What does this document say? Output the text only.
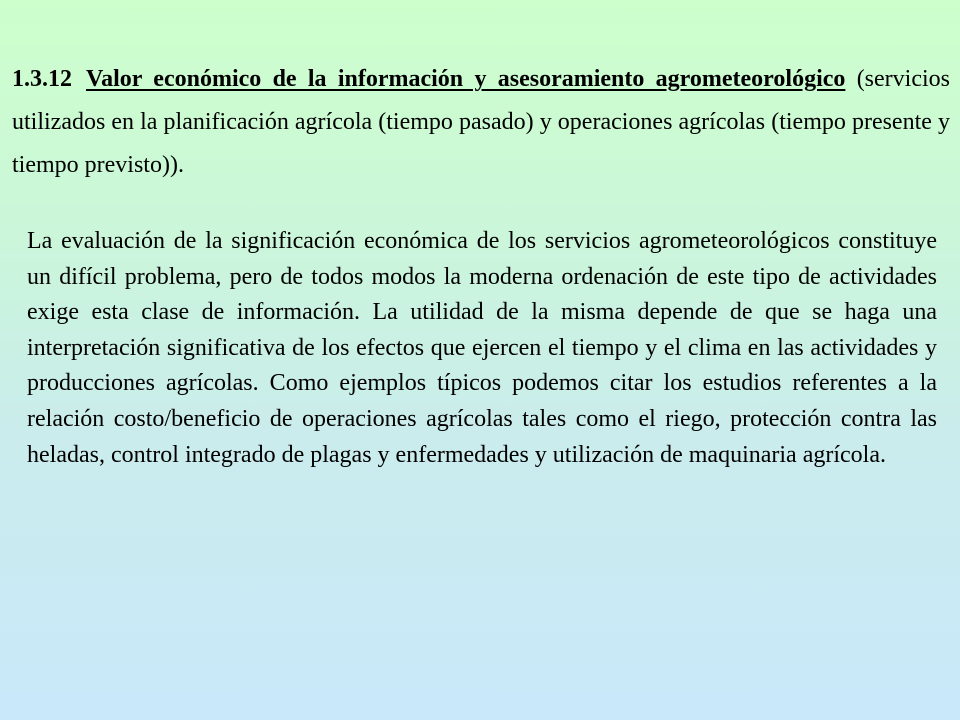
1.3.12 Valor económico de la información y asesoramiento agrometeorológico (servicios utilizados en la planificación agrícola (tiempo pasado) y operaciones agrícolas (tiempo presente y tiempo previsto)).

La evaluación de la significación económica de los servicios agrometeorológicos constituye un difícil problema, pero de todos modos la moderna ordenación de este tipo de actividades exige esta clase de información. La utilidad de la misma depende de que se haga una interpretación significativa de los efectos que ejercen el tiempo y el clima en las actividades y producciones agrícolas. Como ejemplos típicos podemos citar los estudios referentes a la relación costo/beneficio de operaciones agrícolas tales como el riego, protección contra las heladas, control integrado de plagas y enfermedades y utilización de maquinaria agrícola.
